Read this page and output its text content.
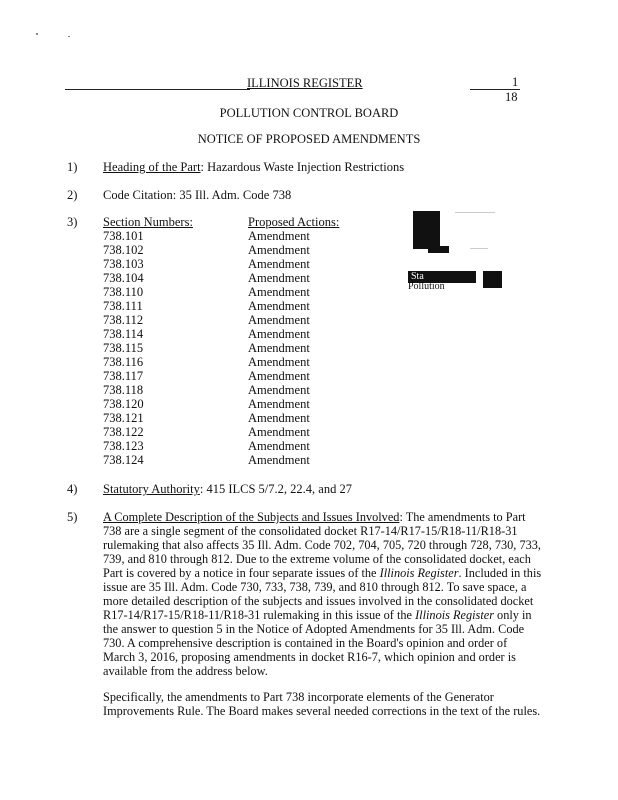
ILLINOIS REGISTER	1
18
POLLUTION CONTROL BOARD
NOTICE OF PROPOSED AMENDMENTS
1) Heading of the Part: Hazardous Waste Injection Restrictions
2) Code Citation: 35 Ill. Adm. Code 738
3) Section Numbers:	Proposed Actions:
738.101	Amendment
738.102	Amendment
738.103	Amendment
738.104	Amendment
738.110	Amendment
738.111	Amendment
738.112	Amendment
738.114	Amendment
738.115	Amendment
738.116	Amendment
738.117	Amendment
738.118	Amendment
738.120	Amendment
738.121	Amendment
738.122	Amendment
738.123	Amendment
738.124	Amendment
Sta
Pollution
4) Statutory Authority: 415 ILCS 5/7.2, 22.4, and 27
5) A Complete Description of the Subjects and Issues Involved: The amendments to Part
738 are a single segment of the consolidated docket R17-14/R17-15/R18-11/R18-31
rulemaking that also affects 35 Ill. Adm. Code 702, 704, 705, 720 through 728, 730, 733,
739, and 810 through 812. Due to the extreme volume of the consolidated docket, each
Part is covered by a notice in four separate issues of the Illinois Register. Included in this
issue are 35 Ill. Adm. Code 730, 733, 738, 739, and 810 through 812. To save space, a
more detailed description of the subjects and issues involved in the consolidated docket
R17-14/R17-15/R18-11/R18-31 rulemaking in this issue of the Illinois Register only in
the answer to question 5 in the Notice of Adopted Amendments for 35 Ill. Adm. Code
730. A comprehensive description is contained in the Board's opinion and order of
March 3, 2016, proposing amendments in docket R16-7, which opinion and order is
available from the address below.
Specifically, the amendments to Part 738 incorporate elements of the Generator
Improvements Rule. The Board makes several needed corrections in the text of the rules.
